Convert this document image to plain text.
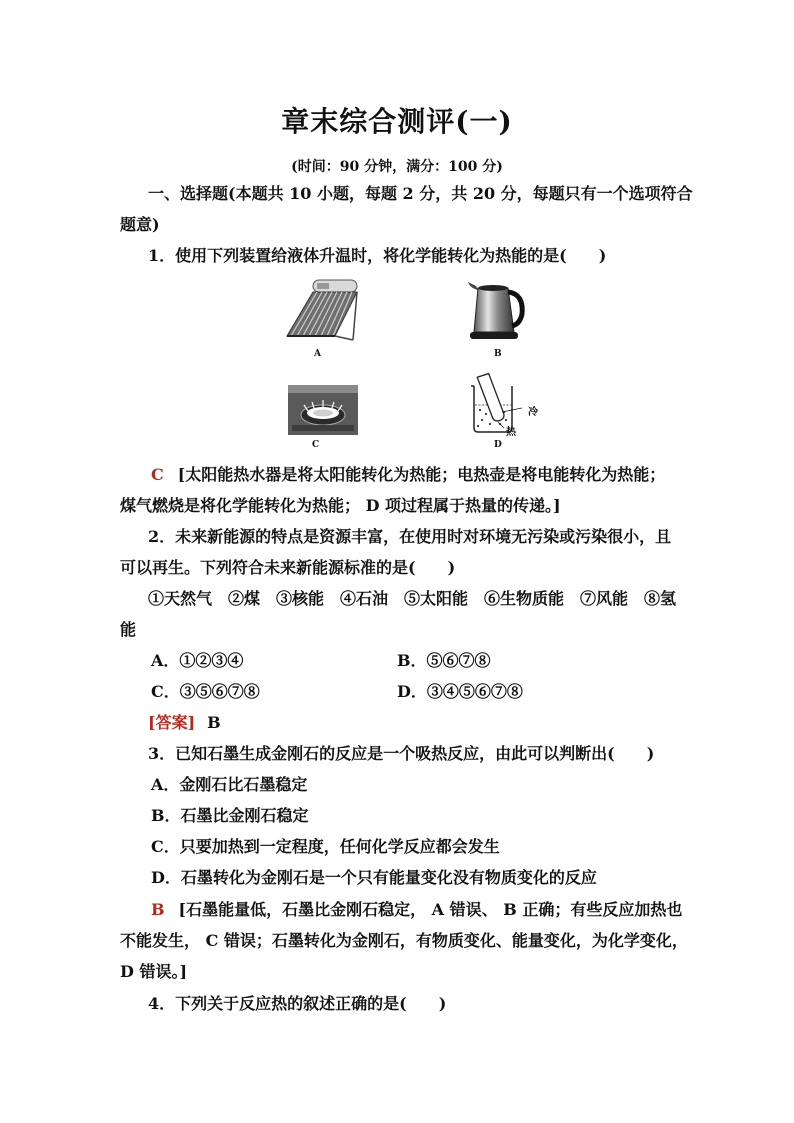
章末综合测评(一)
(时间：90 分钟，满分：100 分)
一、选择题(本题共 10 小题，每题 2 分，共 20 分，每题只有一个选项符合
题意)
1．使用下列装置给液体升温时，将化学能转化为热能的是(　　)
A	B
C
冷
热
D
C [太阳能热水器是将太阳能转化为热能；电热壶是将电能转化为热能；
煤气燃烧是将化学能转化为热能； D 项过程属于热量的传递。]
2．未来新能源的特点是资源丰富，在使用时对环境无污染或污染很小，且
可以再生。下列符合未来新能源标准的是(　　)
①天然气　②煤　③核能　④石油　⑤太阳能　⑥生物质能　⑦风能　⑧氢
能
A．①②③④	B．⑤⑥⑦⑧
C．③⑤⑥⑦⑧	D．③④⑤⑥⑦⑧
[答案] B
3．已知石墨生成金刚石的反应是一个吸热反应，由此可以判断出(　　)
A．金刚石比石墨稳定
B．石墨比金刚石稳定
C．只要加热到一定程度，任何化学反应都会发生
D．石墨转化为金刚石是一个只有能量变化没有物质变化的反应
B [石墨能量低，石墨比金刚石稳定， A 错误、 B 正确；有些反应加热也
不能发生， C 错误；石墨转化为金刚石，有物质变化、能量变化，为化学变化，
D 错误。]
4．下列关于反应热的叙述正确的是(　　)
